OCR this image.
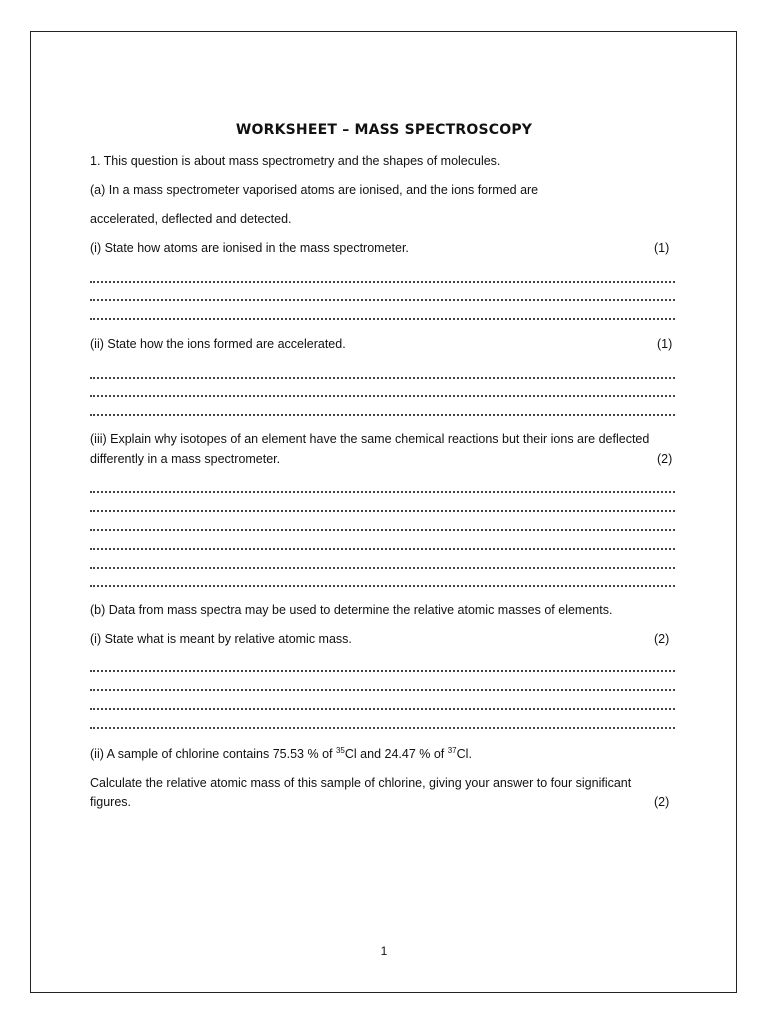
WORKSHEET – MASS SPECTROSCOPY
1. This question is about mass spectrometry and the shapes of molecules.
(a) In a mass spectrometer vaporised atoms are ionised, and the ions formed are
accelerated, deflected and detected.
(i) State how atoms are ionised in the mass spectrometer.	(1)
(ii) State how the ions formed are accelerated.	(1)
(iii) Explain why isotopes of an element have the same chemical reactions but their ions are deflected
differently in a mass spectrometer.	(2)
(b) Data from mass spectra may be used to determine the relative atomic masses of elements.
(i) State what is meant by relative atomic mass.	(2)
(ii) A sample of chlorine contains 75.53 % of $^{35}$Cl and 24.47 % of $^{37}$Cl.
Calculate the relative atomic mass of this sample of chlorine, giving your answer to four significant
figures.	(2)
1
